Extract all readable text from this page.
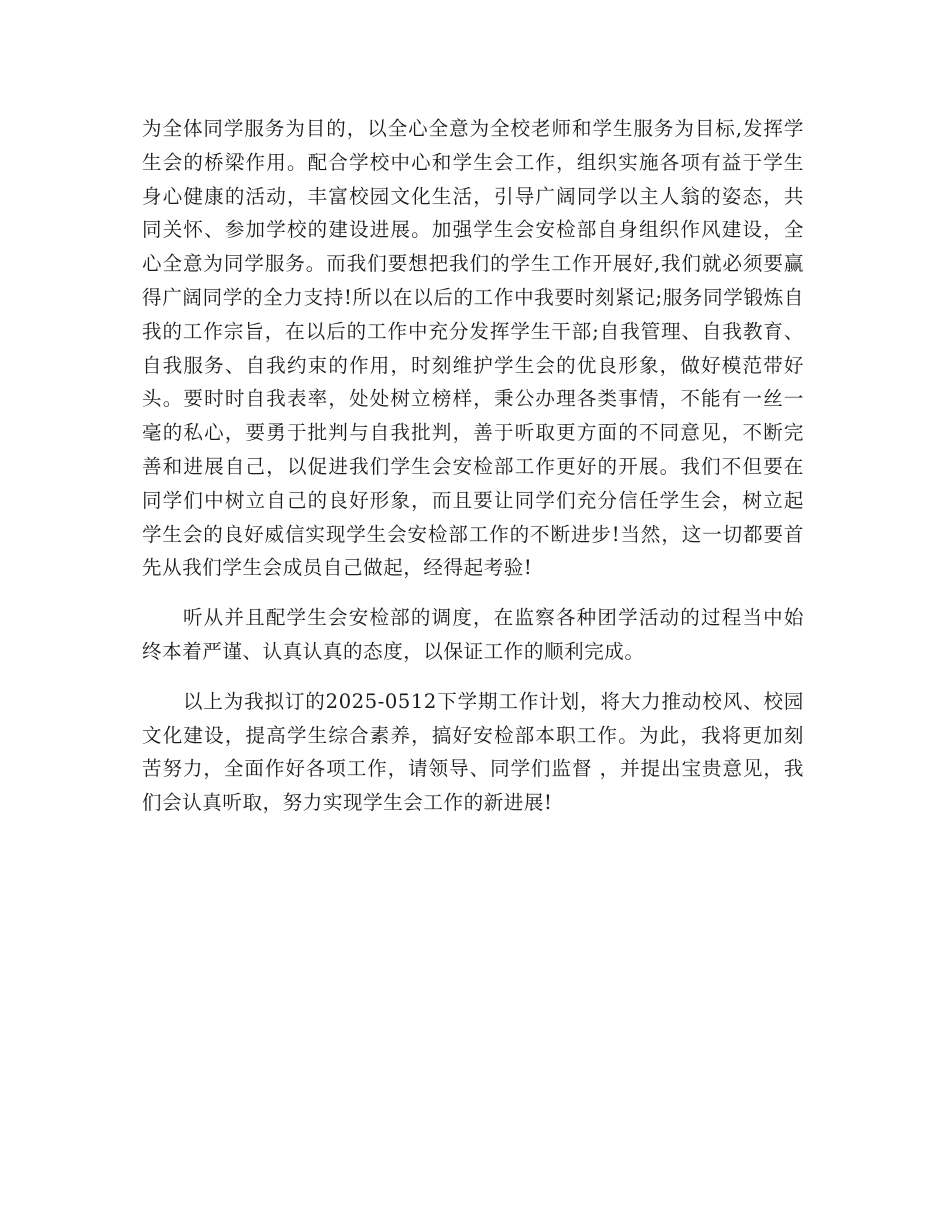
为全体同学服务为目的，以全心全意为全校老师和学生服务为目标,发挥学生会的桥梁作用。配合学校中心和学生会工作，组织实施各项有益于学生身心健康的活动，丰富校园文化生活，引导广阔同学以主人翁的姿态，共同关怀、参加学校的建设进展。加强学生会安检部自身组织作风建设，全心全意为同学服务。而我们要想把我们的学生工作开展好,我们就必须要赢得广阔同学的全力支持!所以在以后的工作中我要时刻紧记;服务同学锻炼自我的工作宗旨，在以后的工作中充分发挥学生干部;自我管理、自我教育、自我服务、自我约束的作用，时刻维护学生会的优良形象，做好模范带好头。要时时自我表率，处处树立榜样，秉公办理各类事情，不能有一丝一毫的私心，要勇于批判与自我批判，善于听取更方面的不同意见，不断完善和进展自己，以促进我们学生会安检部工作更好的开展。我们不但要在同学们中树立自己的良好形象，而且要让同学们充分信任学生会，树立起学生会的良好威信实现学生会安检部工作的不断进步!当然，这一切都要首先从我们学生会成员自己做起，经得起考验!

听从并且配学生会安检部的调度，在监察各种团学活动的过程当中始终本着严谨、认真认真的态度，以保证工作的顺利完成。

以上为我拟订的2025-0512下学期工作计划，将大力推动校风、校园文化建设，提高学生综合素养，搞好安检部本职工作。为此，我将更加刻苦努力，全面作好各项工作，请领导、同学们监督 ，并提出宝贵意见，我们会认真听取，努力实现学生会工作的新进展!
